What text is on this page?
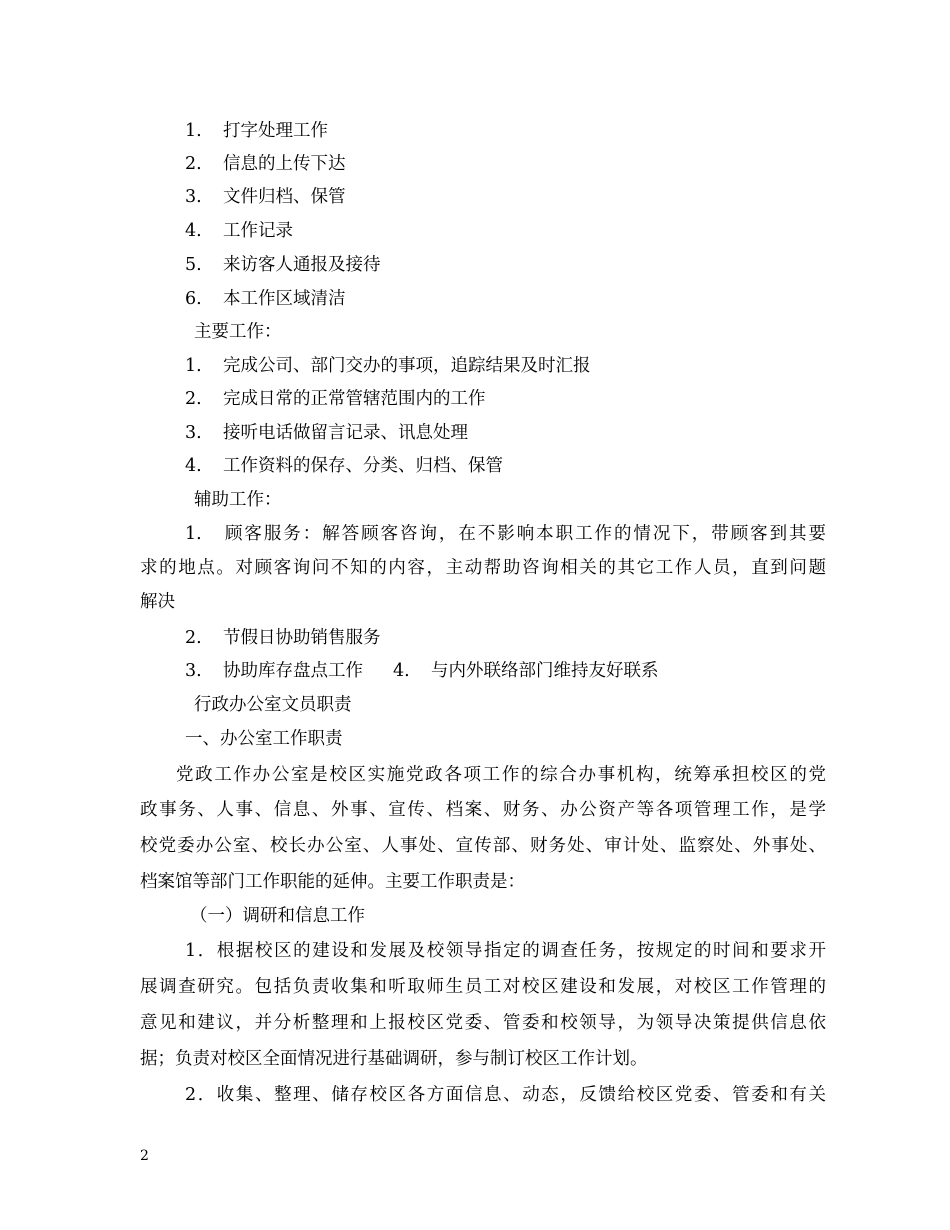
1. 打字处理工作
2. 信息的上传下达
3. 文件归档、保管
4. 工作记录
5. 来访客人通报及接待
6. 本工作区域清洁
主要工作：
1. 完成公司、部门交办的事项，追踪结果及时汇报
2. 完成日常的正常管辖范围内的工作
3. 接听电话做留言记录、讯息处理
4. 工作资料的保存、分类、归档、保管
辅助工作：
1. 顾客服务：解答顾客咨询，在不影响本职工作的情况下，带顾客到其要
求的地点。对顾客询问不知的内容，主动帮助咨询相关的其它工作人员，直到问题
解决
2. 节假日协助销售服务
3. 协助库存盘点工作 4. 与内外联络部门维持友好联系
行政办公室文员职责
一、办公室工作职责
党政工作办公室是校区实施党政各项工作的综合办事机构，统筹承担校区的党
政事务、人事、信息、外事、宣传、档案、财务、办公资产等各项管理工作，是学
校党委办公室、校长办公室、人事处、宣传部、财务处、审计处、监察处、外事处、
档案馆等部门工作职能的延伸。主要工作职责是：
（一）调研和信息工作
1．根据校区的建设和发展及校领导指定的调查任务，按规定的时间和要求开
展调查研究。包括负责收集和听取师生员工对校区建设和发展，对校区工作管理的
意见和建议，并分析整理和上报校区党委、管委和校领导，为领导决策提供信息依
据；负责对校区全面情况进行基础调研，参与制订校区工作计划。
2．收集、整理、储存校区各方面信息、动态，反馈给校区党委、管委和有关
2
